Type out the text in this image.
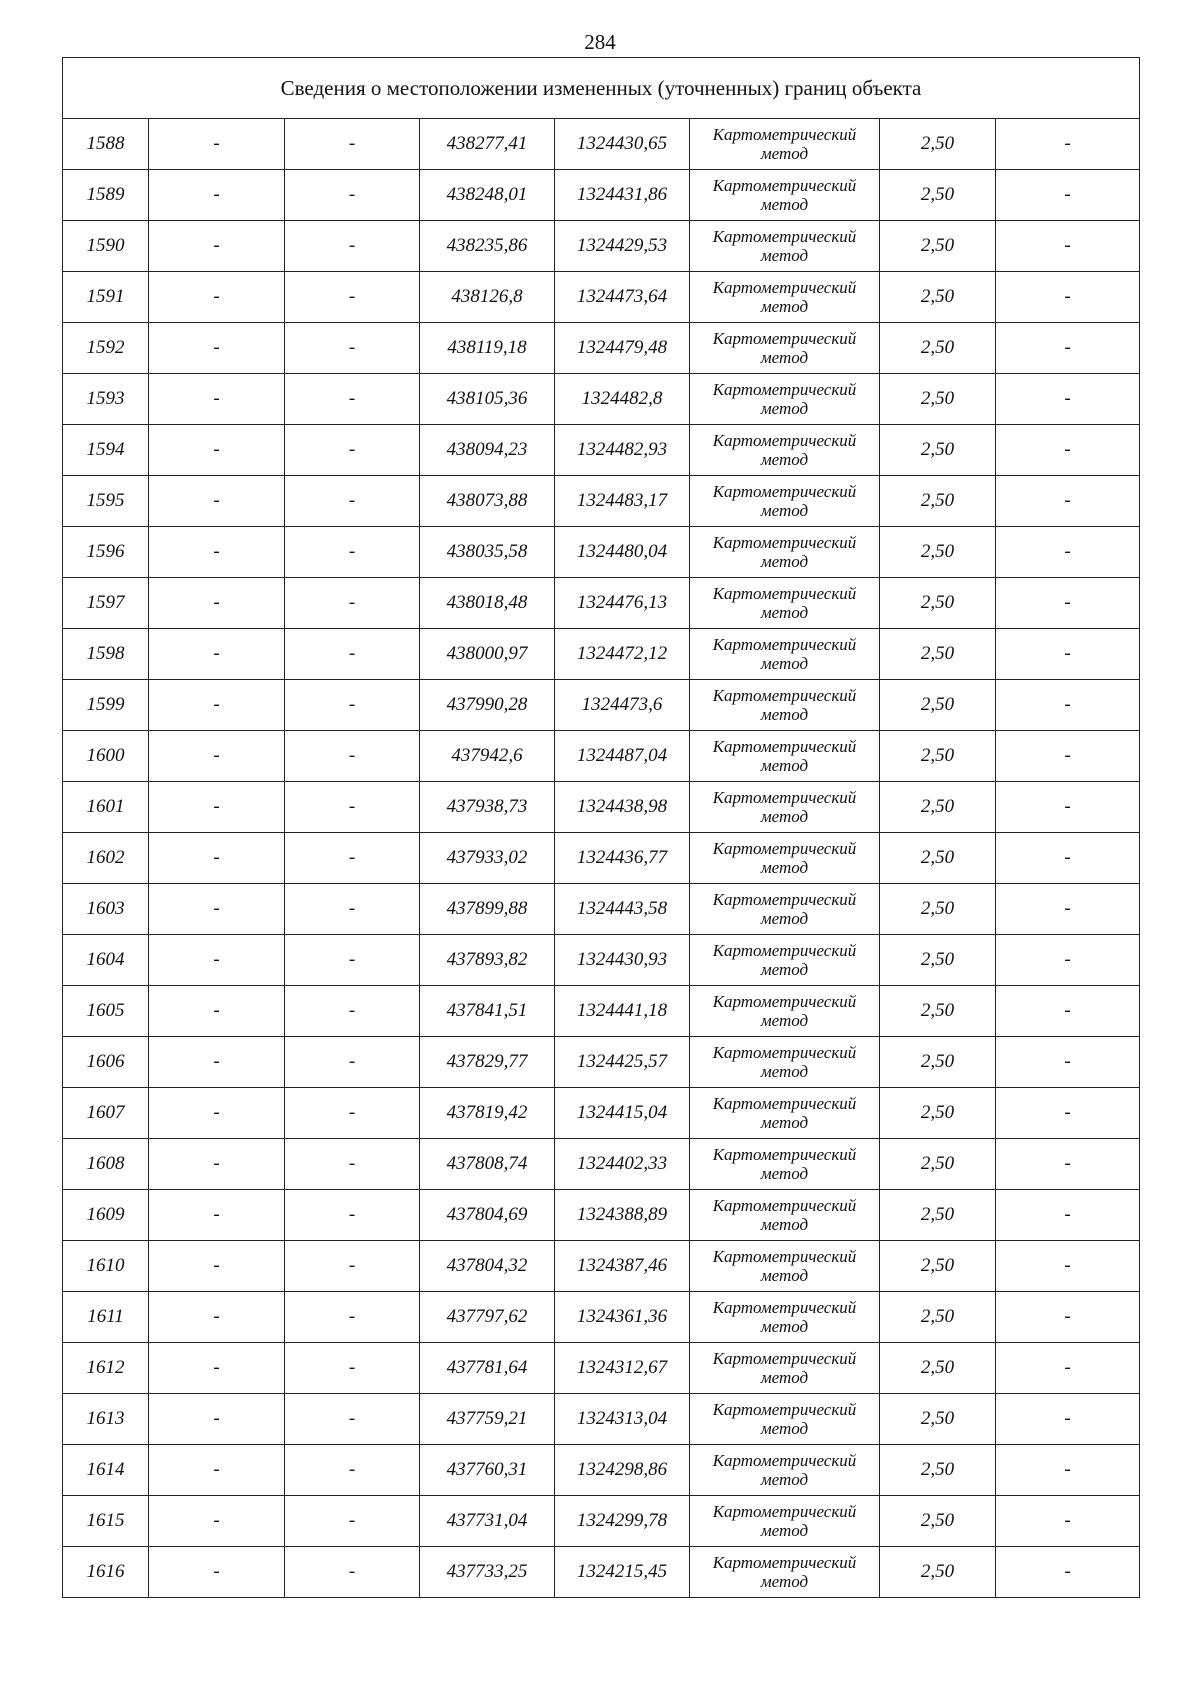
284
Сведения о местоположении измененных (уточненных) границ объекта							
1588	-	-	438277,41	1324430,65	Картометрический
метод	2,50	-
1589	-	-	438248,01	1324431,86	Картометрический
метод	2,50	-
1590	-	-	438235,86	1324429,53	Картометрический
метод	2,50	-
1591	-	-	438126,8	1324473,64	Картометрический
метод	2,50	-
1592	-	-	438119,18	1324479,48	Картометрический
метод	2,50	-
1593	-	-	438105,36	1324482,8	Картометрический
метод	2,50	-
1594	-	-	438094,23	1324482,93	Картометрический
метод	2,50	-
1595	-	-	438073,88	1324483,17	Картометрический
метод	2,50	-
1596	-	-	438035,58	1324480,04	Картометрический
метод	2,50	-
1597	-	-	438018,48	1324476,13	Картометрический
метод	2,50	-
1598	-	-	438000,97	1324472,12	Картометрический
метод	2,50	-
1599	-	-	437990,28	1324473,6	Картометрический
метод	2,50	-
1600	-	-	437942,6	1324487,04	Картометрический
метод	2,50	-
1601	-	-	437938,73	1324438,98	Картометрический
метод	2,50	-
1602	-	-	437933,02	1324436,77	Картометрический
метод	2,50	-
1603	-	-	437899,88	1324443,58	Картометрический
метод	2,50	-
1604	-	-	437893,82	1324430,93	Картометрический
метод	2,50	-
1605	-	-	437841,51	1324441,18	Картометрический
метод	2,50	-
1606	-	-	437829,77	1324425,57	Картометрический
метод	2,50	-
1607	-	-	437819,42	1324415,04	Картометрический
метод	2,50	-
1608	-	-	437808,74	1324402,33	Картометрический
метод	2,50	-
1609	-	-	437804,69	1324388,89	Картометрический
метод	2,50	-
1610	-	-	437804,32	1324387,46	Картометрический
метод	2,50	-
1611	-	-	437797,62	1324361,36	Картометрический
метод	2,50	-
1612	-	-	437781,64	1324312,67	Картометрический
метод	2,50	-
1613	-	-	437759,21	1324313,04	Картометрический
метод	2,50	-
1614	-	-	437760,31	1324298,86	Картометрический
метод	2,50	-
1615	-	-	437731,04	1324299,78	Картометрический
метод	2,50	-
1616	-	-	437733,25	1324215,45	Картометрический
метод	2,50	-
